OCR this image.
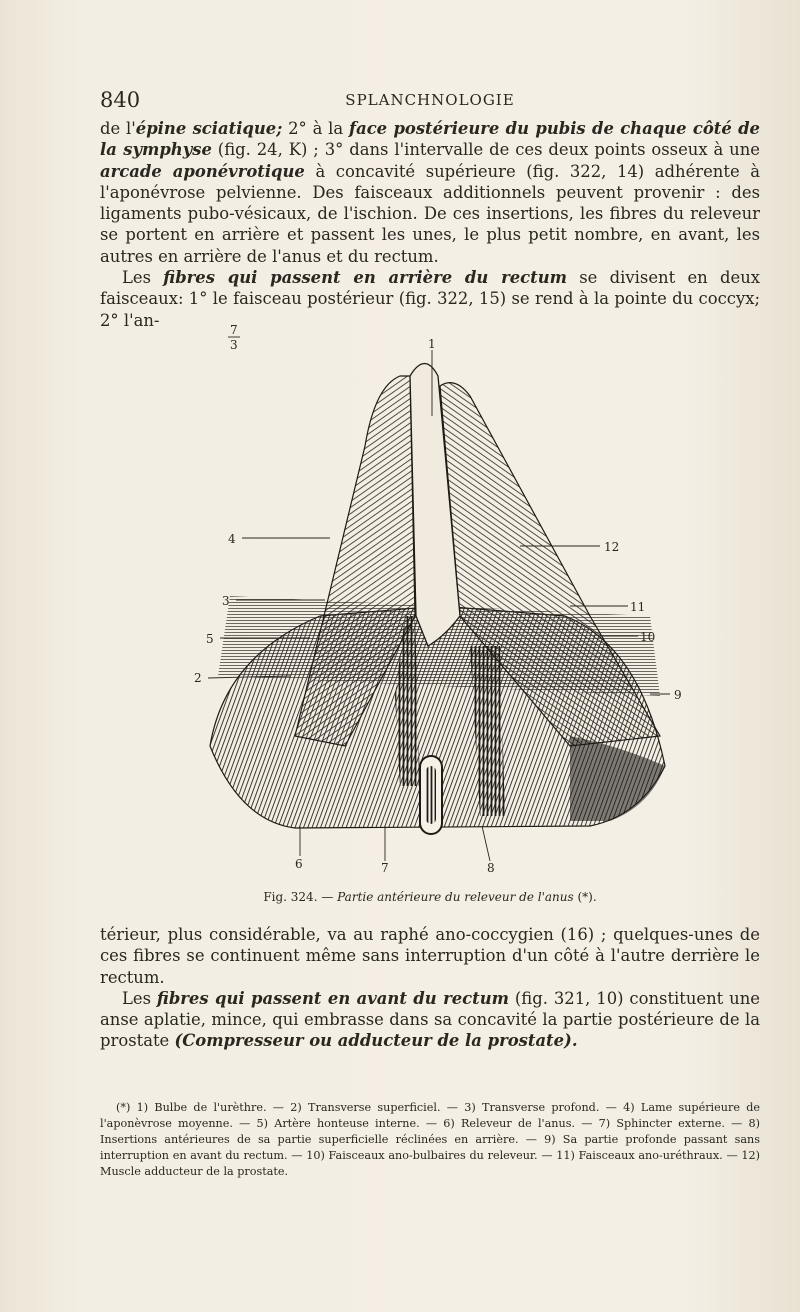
840	SPLANCHNOLOGIE

de l'épine sciatique; 2° à la face postérieure du pubis de chaque côté de la symphyse (fig. 24, K) ; 3° dans l'intervalle de ces deux points osseux à une arcade aponévrotique à concavité supérieure (fig. 322, 14) adhérente à l'aponévrose pelvienne. Des faisceaux additionnels peuvent provenir : des ligaments pubo-vésicaux, de l'ischion. De ces insertions, les fibres du releveur se portent en arrière et passent les unes, le plus petit nombre, en avant, les autres en arrière de l'anus et du rectum.

Les fibres qui passent en arrière du rectum se divisent en deux faisceaux: 1° le faisceau postérieur (fig. 322, 15) se rend à la pointe du coccyx; 2° l'an-

7
3	1
4
3
5
2
12
11
10
9
6	7	8
Fig. 324. — Partie antérieure du releveur de l'anus (*).

térieur, plus considérable, va au raphé ano-coccygien (16) ; quelques-unes de ces fibres se continuent même sans interruption d'un côté à l'autre derrière le rectum.

Les fibres qui passent en avant du rectum (fig. 321, 10) constituent une anse aplatie, mince, qui embrasse dans sa concavité la partie postérieure de la prostate (Compresseur ou adducteur de la prostate).

(*) 1) Bulbe de l'urèthre. — 2) Transverse superficiel. — 3) Transverse profond. — 4) Lame supérieure de l'aponèvrose moyenne. — 5) Artère honteuse interne. — 6) Releveur de l'anus. — 7) Sphincter externe. — 8) Insertions antérieures de sa partie superficielle réclinées en arrière. — 9) Sa partie profonde passant sans interruption en avant du rectum. — 10) Faisceaux ano-bulbaires du releveur. — 11) Faisceaux ano-uréthraux. — 12) Muscle adducteur de la prostate.
